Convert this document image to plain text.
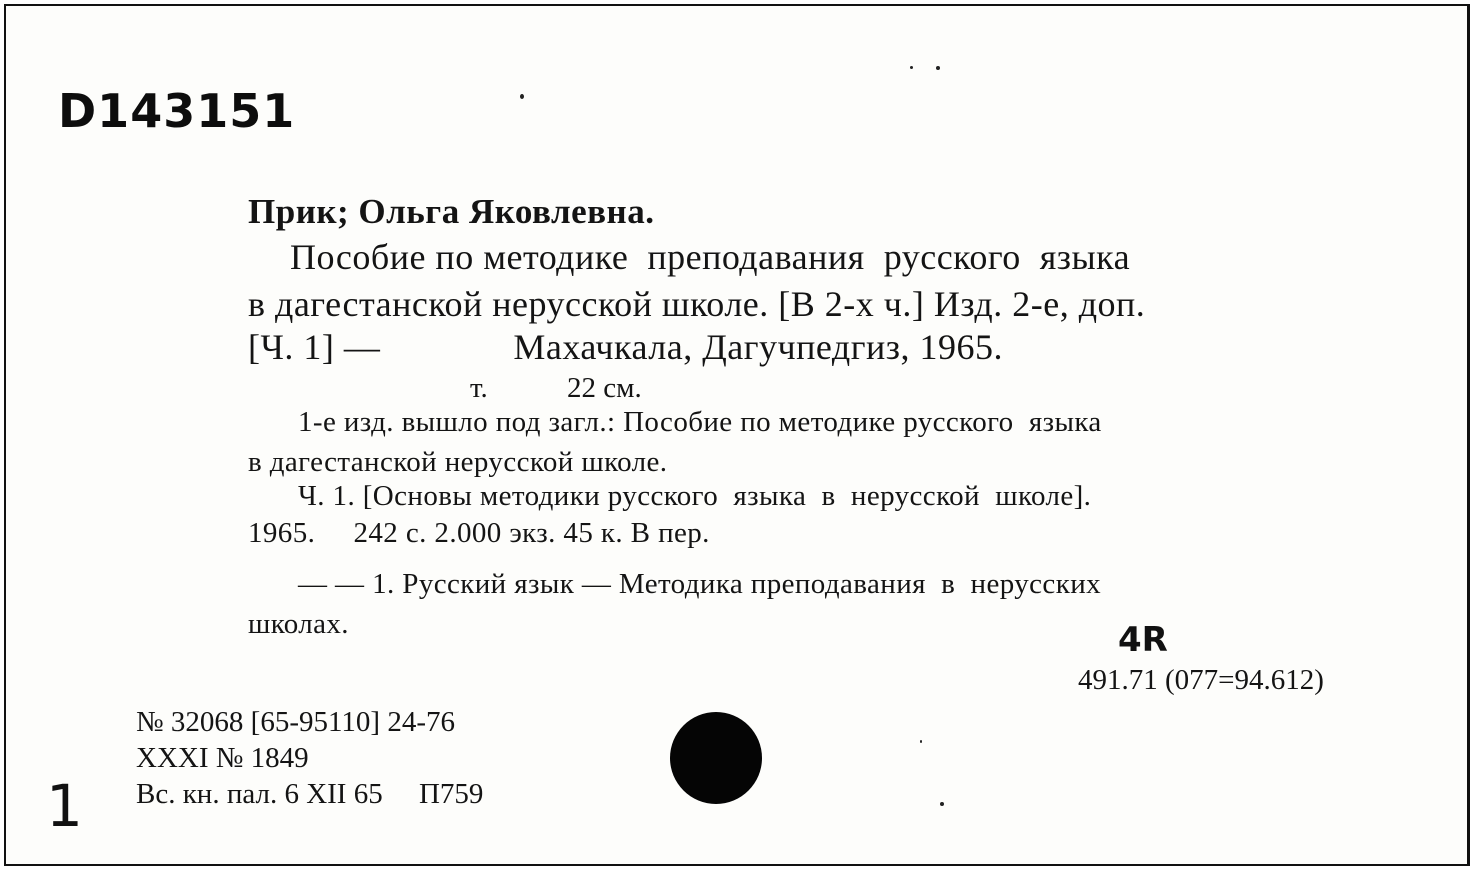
D143151
Прик; Ольга Яковлевна.
Пособие по методике  преподавания  русского  языка
в дагестанской нерусской школе. [В 2-х ч.] Изд. 2-е, доп.
[Ч. 1] —              Махачкала, Дагучпедгиз, 1965.
т.	22 см.
1-е изд. вышло под загл.: Пособие по методике русского  языка
в дагестанской нерусской школе.
Ч. 1. [Основы методики русского  языка  в  нерусской  школе].
1965.     242 с. 2.000 экз. 45 к. В пер.
— — 1. Русский язык — Методика преподавания  в  нерусских
школах.	4R
491.71 (077=94.612)
№ 32068 [65-95110] 24-76
XXXI № 1849
Вс. кн. пал. 6 XII 65     П759
1
